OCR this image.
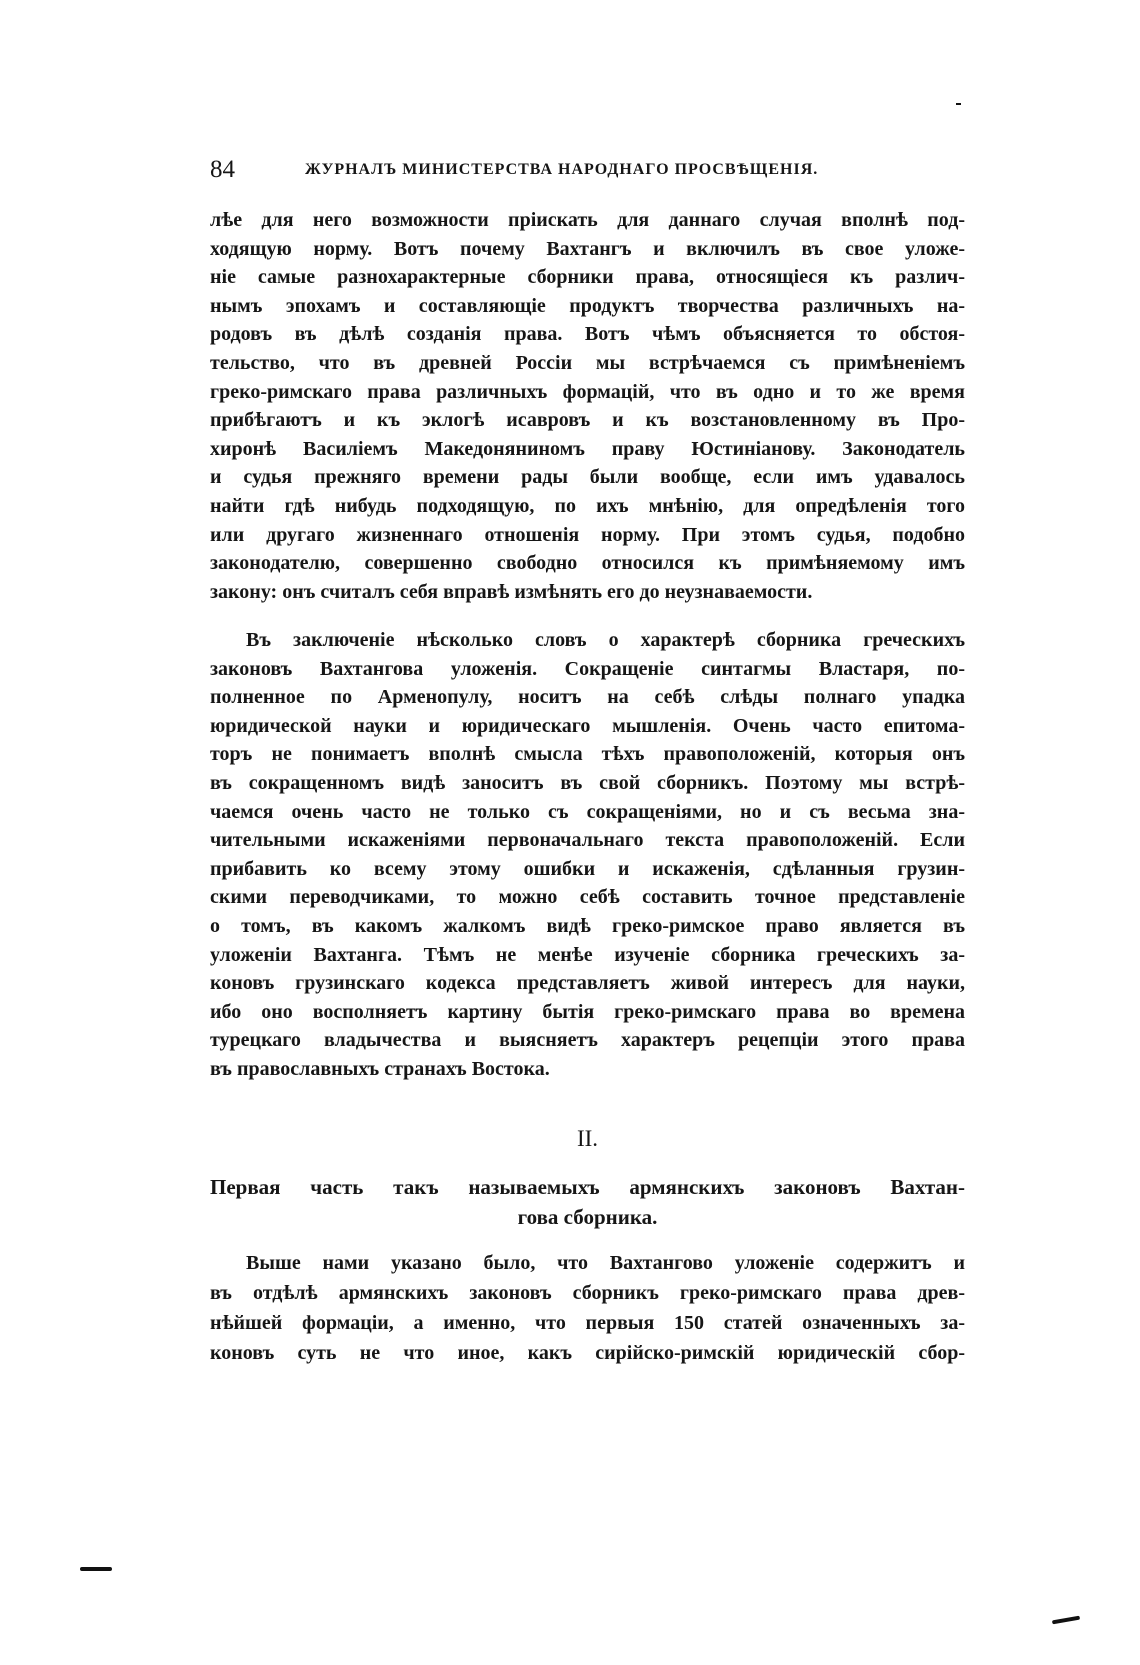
84	ЖУРНАЛЪ МИНИСТЕРСТВА НАРОДНАГО ПРОСВѢЩЕНІЯ.
лѣе для него возможности пріискать для даннаго случая вполнѣ под-
ходящую норму. Вотъ почему Вахтангъ и включилъ въ свое уложе-
ніе самые разнохарактерные сборники права, относящіеся къ различ-
нымъ эпохамъ и составляющіе продуктъ творчества различныхъ на-
родовъ въ дѣлѣ созданія права. Вотъ чѣмъ объясняется то обстоя-
тельство, что въ древней Россіи мы встрѣчаемся съ примѣненіемъ
греко-римскаго права различныхъ формацій, что въ одно и то же время
прибѣгаютъ и къ эклогѣ исавровъ и къ возстановленному въ Про-
хиронѣ Василіемъ Македоняниномъ праву Юстиніанову. Законодатель
и судья прежняго времени рады были вообще, если имъ удавалось
найти гдѣ нибудь подходящую, по ихъ мнѣнію, для опредѣленія того
или другаго жизненнаго отношенія норму. При этомъ судья, подобно
законодателю, совершенно свободно относился къ примѣняемому имъ
закону: онъ считалъ себя вправѣ измѣнять его до неузнаваемости.
Въ заключеніе нѣсколько словъ о характерѣ сборника греческихъ
законовъ Вахтангова уложенія. Сокращеніе синтагмы Властаря, по-
полненное по Арменопулу, носитъ на себѣ слѣды полнаго упадка
юридической науки и юридическаго мышленія. Очень часто епитома-
торъ не понимаетъ вполнѣ смысла тѣхъ правоположеній, которыя онъ
въ сокращенномъ видѣ заноситъ въ свой сборникъ. Поэтому мы встрѣ-
чаемся очень часто не только съ сокращеніями, но и съ весьма зна-
чительными искаженіями первоначальнаго текста правоположеній. Если
прибавить ко всему этому ошибки и искаженія, сдѣланныя грузин-
скими переводчиками, то можно себѣ составить точное представленіе
о томъ, въ какомъ жалкомъ видѣ греко-римское право является въ
уложеніи Вахтанга. Тѣмъ не менѣе изученіе сборника греческихъ за-
коновъ грузинскаго кодекса представляетъ живой интересъ для науки,
ибо оно восполняетъ картину бытія греко-римскаго права во времена
турецкаго владычества и выясняетъ характеръ рецепціи этого права
въ православныхъ странахъ Востока.
II.
Первая часть такъ называемыхъ армянскихъ законовъ Вахтан-
гова сборника.
Выше нами указано было, что Вахтангово уложеніе содержитъ и
въ отдѣлѣ армянскихъ законовъ сборникъ греко-римскаго права древ-
нѣйшей формаціи, а именно, что первыя 150 статей означенныхъ за-
коновъ суть не что иное, какъ сирійско-римскій юридическій сбор-
